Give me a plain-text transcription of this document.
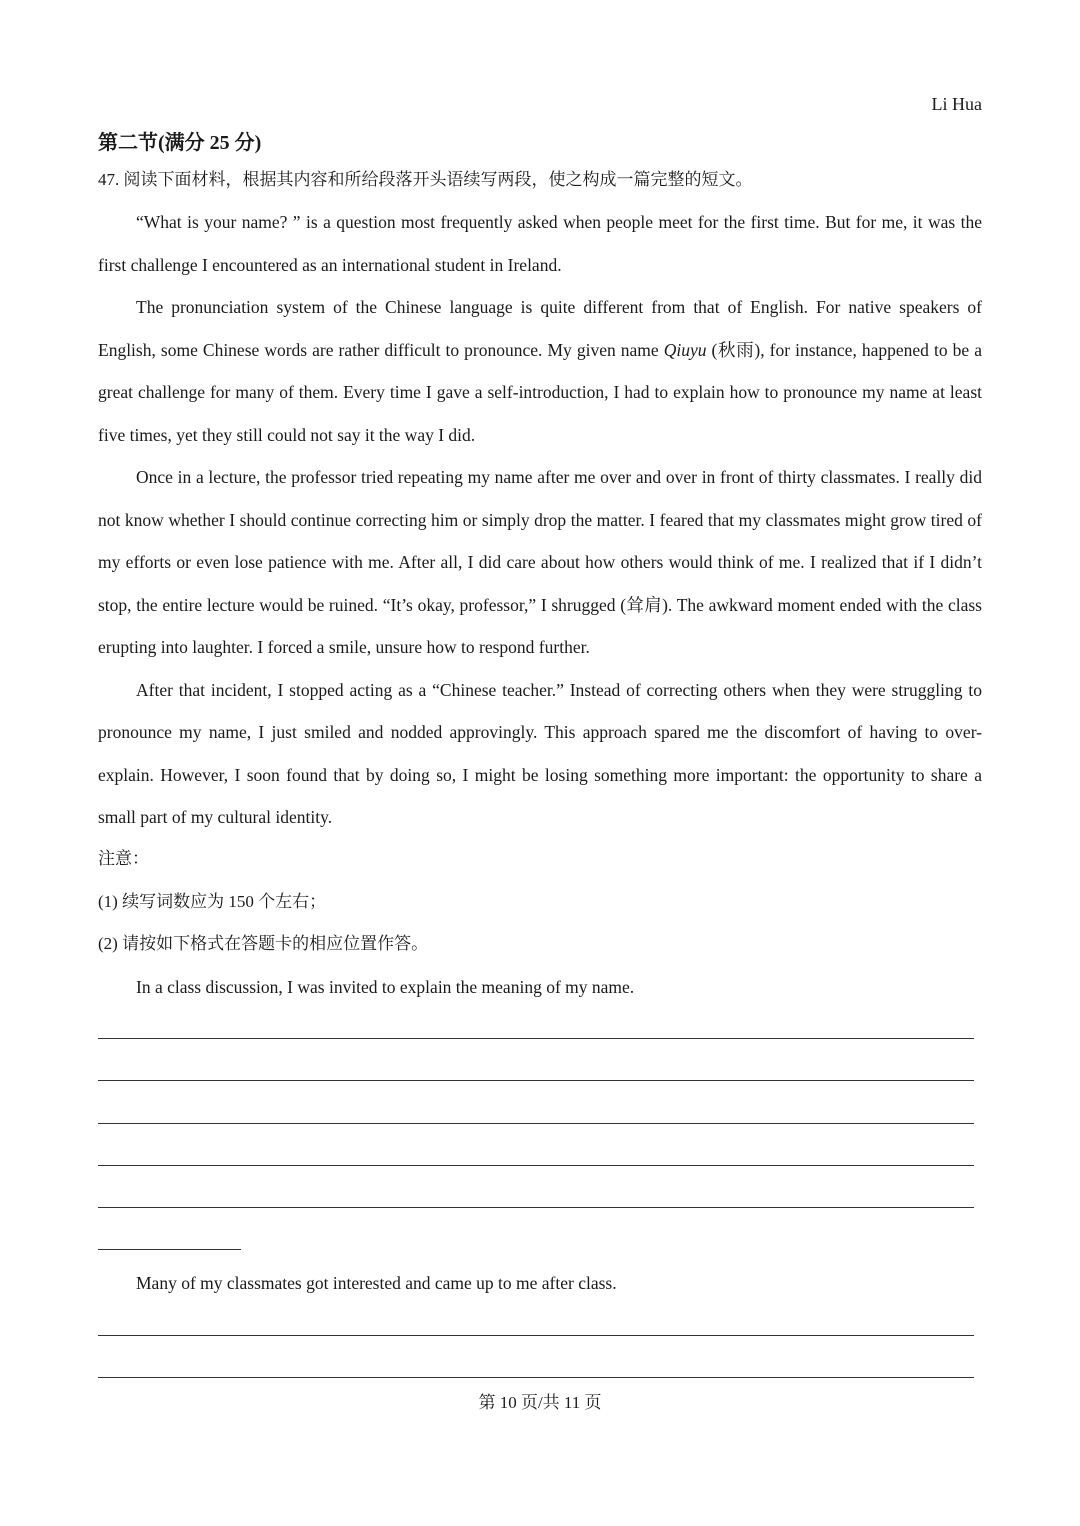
Li Hua
第二节(满分 25 分)
47. 阅读下面材料，根据其内容和所给段落开头语续写两段，使之构成一篇完整的短文。

“What is your name? ” is a question most frequently asked when people meet for the first time. But for me, it was the first challenge I encountered as an international student in Ireland.

The pronunciation system of the Chinese language is quite different from that of English. For native speakers of English, some Chinese words are rather difficult to pronounce. My given name Qiuyu (秋雨), for instance, happened to be a great challenge for many of them. Every time I gave a self-introduction, I had to explain how to pronounce my name at least five times, yet they still could not say it the way I did.

Once in a lecture, the professor tried repeating my name after me over and over in front of thirty classmates. I really did not know whether I should continue correcting him or simply drop the matter. I feared that my classmates might grow tired of my efforts or even lose patience with me. After all, I did care about how others would think of me. I realized that if I didn’t stop, the entire lecture would be ruined. “It’s okay, professor,” I shrugged (耸肩). The awkward moment ended with the class erupting into laughter. I forced a smile, unsure how to respond further.

After that incident, I stopped acting as a “Chinese teacher.” Instead of correcting others when they were struggling to pronounce my name, I just smiled and nodded approvingly. This approach spared me the discomfort of having to over-explain. However, I soon found that by doing so, I might be losing something more important: the opportunity to share a small part of my cultural identity.

注意：

(1) 续写词数应为 150 个左右；

(2) 请按如下格式在答题卡的相应位置作答。

In a class discussion, I was invited to explain the meaning of my name.

Many of my classmates got interested and came up to me after class.

第 10 页/共 11 页
